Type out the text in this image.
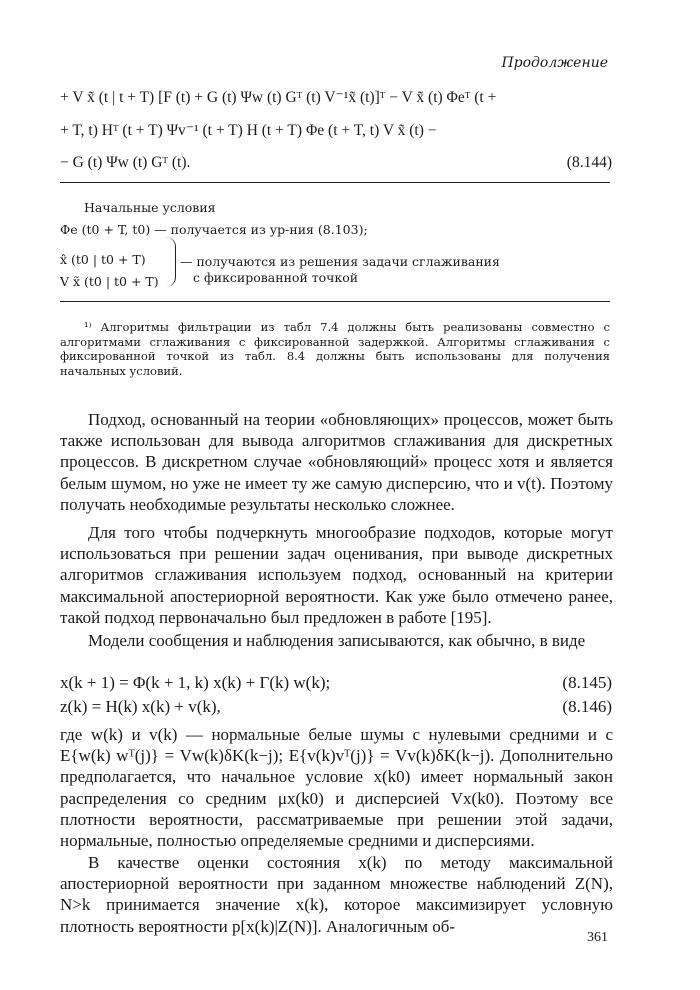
Продолжение
+ V x̃ (t | t + T) [F (t) + G (t) Ψw (t) Gᵀ (t) V⁻¹x̃ (t)]ᵀ − V x̃ (t) Φeᵀ (t +
+ T, t) Hᵀ (t + T) Ψv⁻¹ (t + T) H (t + T) Φe (t + T, t) V x̃ (t) −
− G (t) Ψw (t) Gᵀ (t).	(8.144)
Начальные условия
Φe (t0 + T, t0) — получается из ур-ния (8.103);
x̂ (t0 | t0 + T)
V x̃ (t0 | t0 + T)
— получаются из решения задачи сглаживания
с фиксированной точкой
¹⁾ Алгоритмы фильтрации из табл 7.4 должны быть реализованы совместно с алгоритмами сглаживания с фиксированной задержкой. Алгоритмы сглаживания с фиксированной точкой из табл. 8.4 должны быть использованы для получения начальных условий.
Подход, основанный на теории «обновляющих» процессов, может быть также использован для вывода алгоритмов сглаживания для дискретных процессов. В дискретном случае «обновляющий» процесс хотя и является белым шумом, но уже не имеет ту же самую дисперсию, что и v(t). Поэтому получать необходимые результаты несколько сложнее.
Для того чтобы подчеркнуть многообразие подходов, которые могут использоваться при решении задач оценивания, при выводе дискретных алгоритмов сглаживания используем подход, основанный на критерии максимальной апостериорной вероятности. Как уже было отмечено ранее, такой подход первоначально был предложен в работе [195].
Модели сообщения и наблюдения записываются, как обычно, в виде
x(k + 1) = Φ(k + 1, k) x(k) + Γ(k) w(k);	(8.145)
z(k) = H(k) x(k) + v(k),	(8.146)
где w(k) и v(k) — нормальные белые шумы с нулевыми средними и с E{w(k) wᵀ(j)} = Vw(k)δK(k−j); E{v(k)vᵀ(j)} = Vv(k)δK(k−j). Дополнительно предполагается, что начальное условие x(k0) имеет нормальный закон распределения со средним μx(k0) и дисперсией Vx(k0). Поэтому все плотности вероятности, рассматриваемые при решении этой задачи, нормальные, полностью определяемые средними и дисперсиями.
В качестве оценки состояния x(k) по методу максимальной апостериорной вероятности при заданном множестве наблюдений Z(N), N>k принимается значение x(k), которое максимизирует условную плотность вероятности p[x(k)|Z(N)]. Аналогичным об-
361
